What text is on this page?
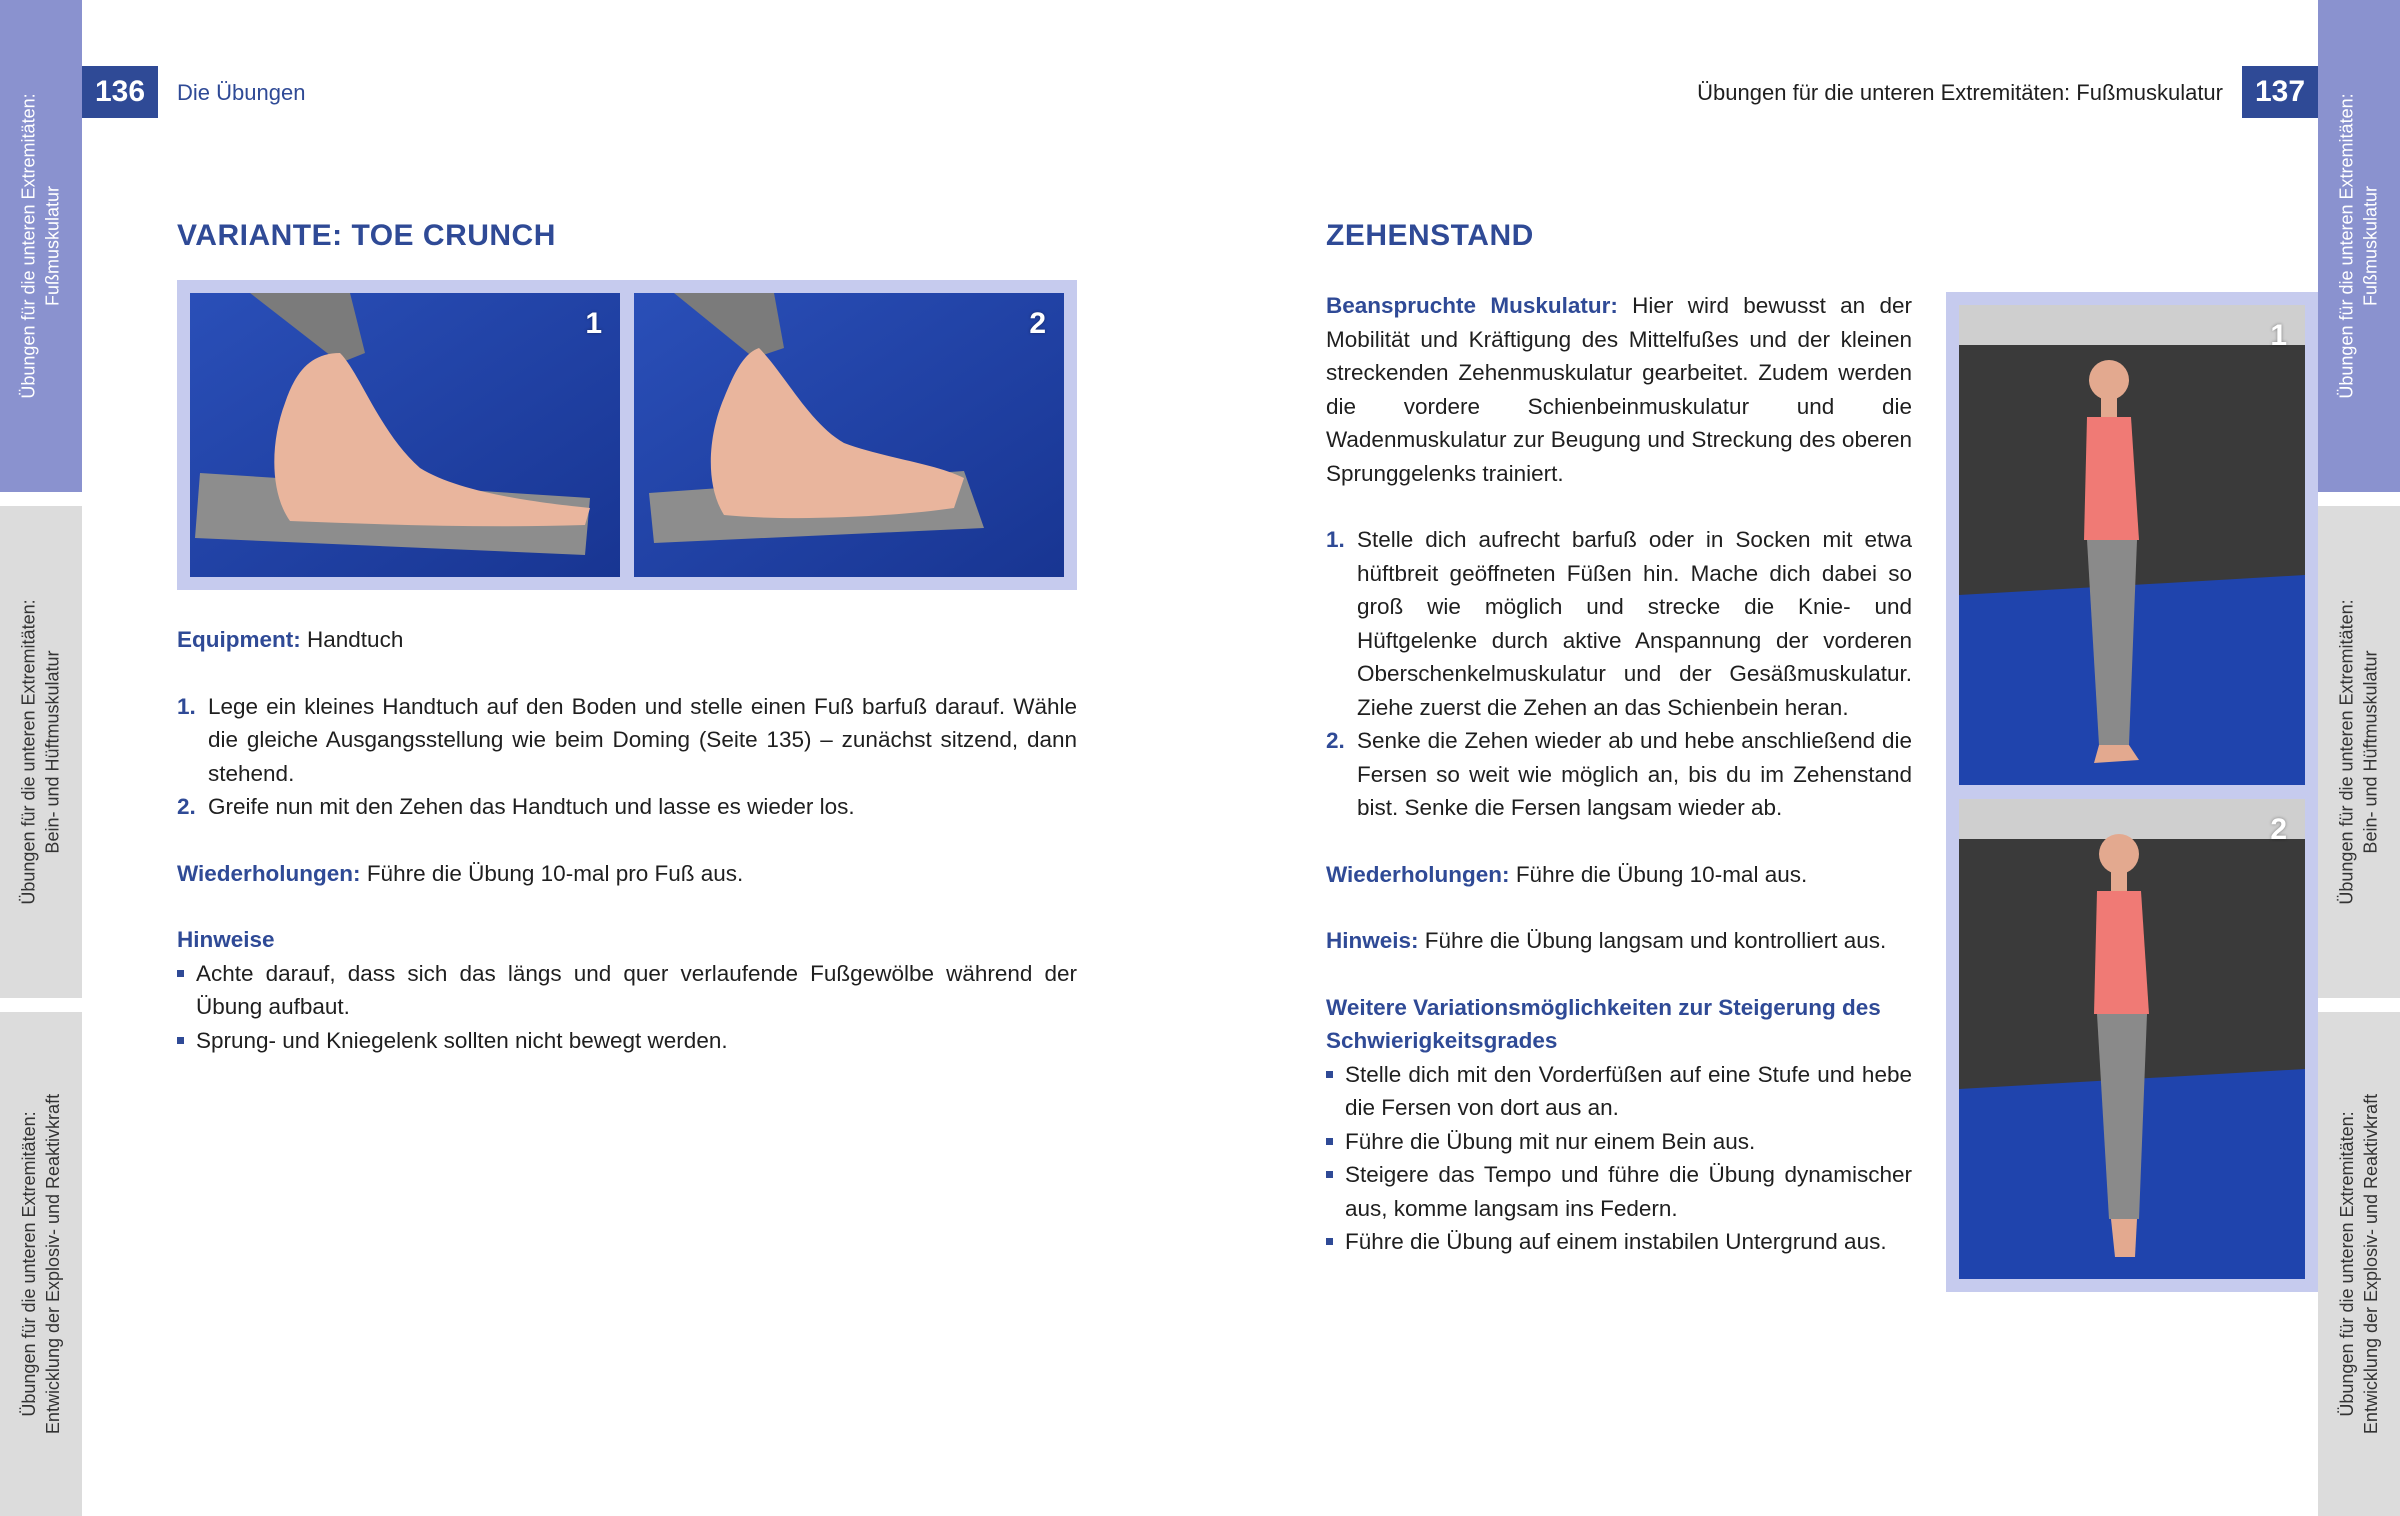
Übungen für die unteren Extremitäten: Fußmuskulatur
Übungen für die unteren Extremitäten: Bein- und Hüftmuskulatur
Übungen für die unteren Extremitäten: Entwicklung der Explosiv- und Reaktivkraft
Übungen für die unteren Extremitäten: Fußmuskulatur
Übungen für die unteren Extremitäten: Bein- und Hüftmuskulatur
Übungen für die unteren Extremitäten: Entwicklung der Explosiv- und Reaktivkraft
136	Die Übungen	Übungen für die unteren Extremitäten: Fußmuskulatur	137
VARIANTE: TOE CRUNCH
1	2

Equipment: Handtuch

1. Lege ein kleines Handtuch auf den Boden und stelle einen Fuß barfuß darauf. Wähle die gleiche Ausgangsstellung wie beim Doming (Seite 135) – zunächst sitzend, dann stehend.
2. Greife nun mit den Zehen das Handtuch und lasse es wieder los.

Wiederholungen: Führe die Übung 10-mal pro Fuß aus.

Hinweise

Achte darauf, dass sich das längs und quer verlaufende Fußgewölbe während der Übung aufbaut.
Sprung- und Kniegelenk sollten nicht bewegt werden.
ZEHENSTAND

Beanspruchte Muskulatur: Hier wird bewusst an der Mobilität und Kräftigung des Mittelfußes und der kleinen streckenden Zehenmuskulatur gearbeitet. Zudem werden die vordere Schienbeinmuskulatur und die Wadenmuskulatur zur Beugung und Streckung des oberen Sprunggelenks trainiert.

1. Stelle dich aufrecht barfuß oder in Socken mit etwa hüftbreit geöffneten Füßen hin. Mache dich dabei so groß wie möglich und strecke die Knie- und Hüftgelenke durch aktive Anspannung der vorderen Oberschenkelmuskulatur und der Gesäßmuskulatur. Ziehe zuerst die Zehen an das Schienbein heran.
2. Senke die Zehen wieder ab und hebe anschließend die Fersen so weit wie möglich an, bis du im Zehenstand bist. Senke die Fersen langsam wieder ab.

Wiederholungen: Führe die Übung 10-mal aus.

Hinweis: Führe die Übung langsam und kontrolliert aus.

Weitere Variationsmöglichkeiten zur Steigerung des Schwierigkeitsgrades

Stelle dich mit den Vorderfüßen auf eine Stufe und hebe die Fersen von dort aus an.
Führe die Übung mit nur einem Bein aus.
Steigere das Tempo und führe die Übung dynamischer aus, komme langsam ins Federn.
Führe die Übung auf einem instabilen Untergrund aus.
1
2
